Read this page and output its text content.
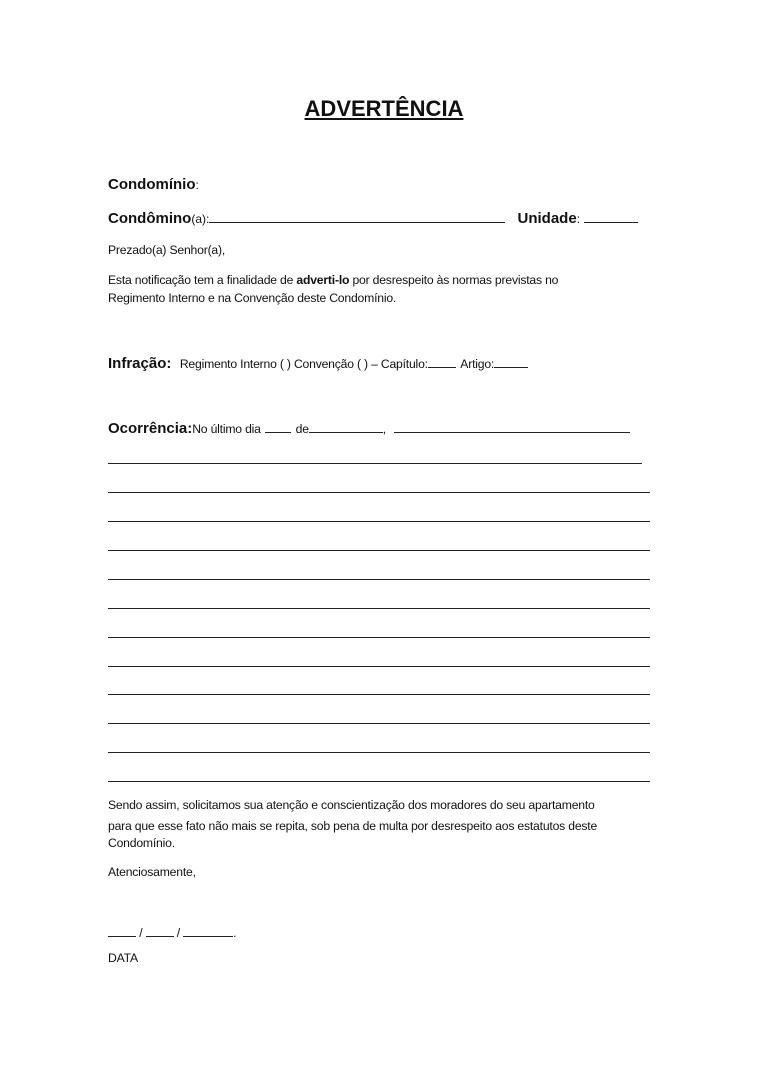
ADVERTÊNCIA
Condomínio:
Condômino(a):	Unidade:
Prezado(a) Senhor(a),
Esta notificação tem a finalidade de adverti-lo por desrespeito às normas previstas no
Regimento Interno e na Convenção deste Condomínio.
Infração: Regimento Interno ( ) Convenção ( ) – Capítulo:	Artigo:
Ocorrência:No último dia	de	,
Sendo assim, solicitamos sua atenção e conscientização dos moradores do seu apartamento
para que esse fato não mais se repita, sob pena de multa por desrespeito aos estatutos deste
Condomínio.
Atenciosamente,
/	/	.
DATA
